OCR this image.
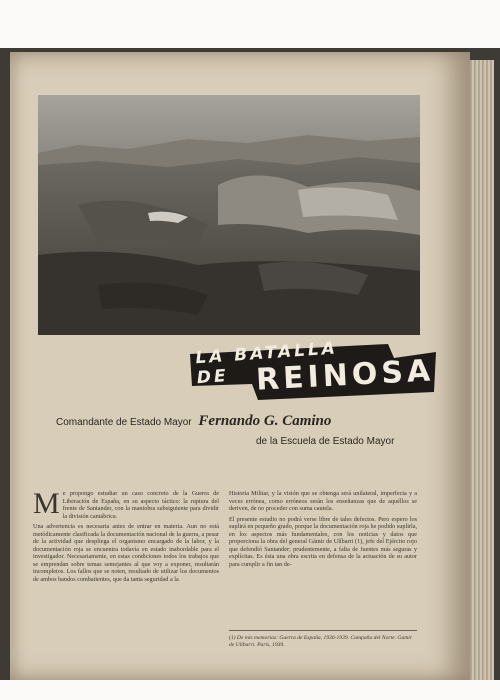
LA BATALLA DE REINOSA
Comandante de Estado Mayor Fernando G. Camino
de la Escuela de Estado Mayor
M e propongo estudiar un caso concreto de la Guerra de Liberación de España, en su aspecto táctico: la ruptura del frente de Santander, con la maniobra subsiguiente para dividir la división cantábrica.

Una advertencia es necesaria antes de entrar en materia. Aun no está metódicamente clasificada la documentación nacional de la guerra, a pesar de la actividad que despliega el organismo encargado de la labor, y la documentación roja se encuentra todavía en estado inabordable para el investigador. Necesariamente, en estas condiciones todos los trabajos que se emprendan sobre temas semejantes al que voy a exponer, resultarán incompletos. Los fallos que se noten, resultado de utilizar los documentos de ambos bandos combatientes, que da tanta seguridad a la

Historia Militar, y la visión que se obtenga será unilateral, imperfecta y a veces errónea, como erróneos serán los enseñanzas que de aquéllos se deriven, de no proceder con suma cautela.

El presente estudio no podrá verse libre de tales defectos. Pero espero los suplirá en pequeño grado, porque la documentación roja he podido suplirla, en los aspectos más fundamentales, con los noticias y datos que proporciona la obra del general Gámir de Ulíbarri (1), jefe del Ejército rojo que defendió Santander; prudentemente, a falta de fuentes más seguras y explícitas. Es ésta una obra escrita en defensa de la actuación de su autor para cumplir a fin tan de-

(1) De mis memorias: Guerra de España, 1936-1939. Campaña del Norte. Gamir de Ulíbarri. París, 1939.
